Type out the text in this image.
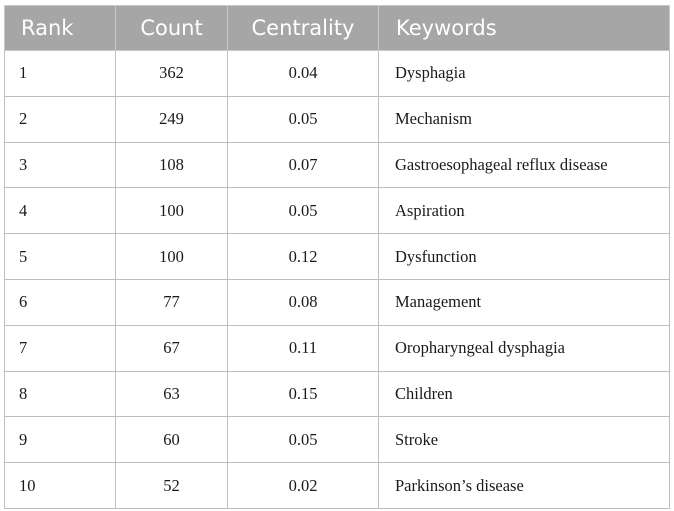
Rank	Count	Centrality	Keywords
1	362	0.04	Dysphagia
2	249	0.05	Mechanism
3	108	0.07	Gastroesophageal reflux disease
4	100	0.05	Aspiration
5	100	0.12	Dysfunction
6	77	0.08	Management
7	67	0.11	Oropharyngeal dysphagia
8	63	0.15	Children
9	60	0.05	Stroke
10	52	0.02	Parkinson’s disease
